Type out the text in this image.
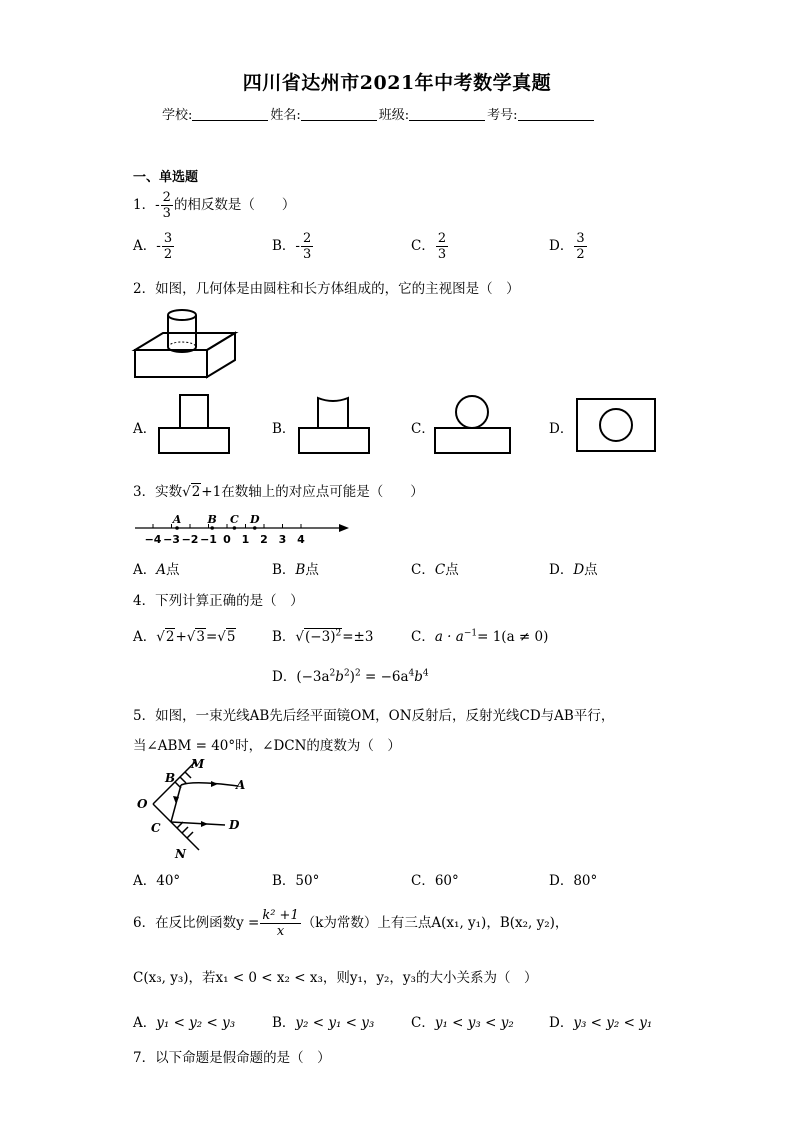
四川省达州市2021年中考数学真题
学校:	姓名:	班级:	考号:
一、单选题
1．- $\frac{2}{3}$ 的相反数是（　　）
A．- $\frac{3}{2}$	B．- $\frac{2}{3}$	C． $\frac{2}{3}$	D． $\frac{3}{2}$
2．如图，几何体是由圆柱和长方体组成的，它的主视图是（　）
A．	B．	C．	D．
3．实数√2+1在数轴上的对应点可能是（　　）
−4 −3 −2 −1 0 1 2 3 4
A B C D
A．A点	B．B点	C．C点	D．D点
4．下列计算正确的是（　）
A．√2+√3=√5	B．$√(-3)^2=\pm 3$	C．$a \cdot a^{-1}= 1(a \ne 0)$
D．$(-3a^2b^2)^2 = -6a^4b^4$
5．如图，一束光线AB先后经平面镜OM，ON反射后，反射光线CD与AB平行，
当∠ABM = 40°时，∠DCN的度数为（　）
B
M
A
O
C	D
N
A．40°	B．50°	C．60°	D．80°
6．在反比例函数$y = \frac{\text{k² +1}}{x} (k$为常数）上有三点A(x₁, y₁)，B(x₂, y₂)，
C(x₃, y₃)，若x₁ < 0 < x₂ < x₃，则y₁，y₂，y₃的大小关系为（　）
A．y₁ < y₂ < y₃	B．y₂ < y₁ < y₃	C．y₁ < y₃ < y₂	D．y₃ < y₂ < y₁
7．以下命题是假命题的是（　）
